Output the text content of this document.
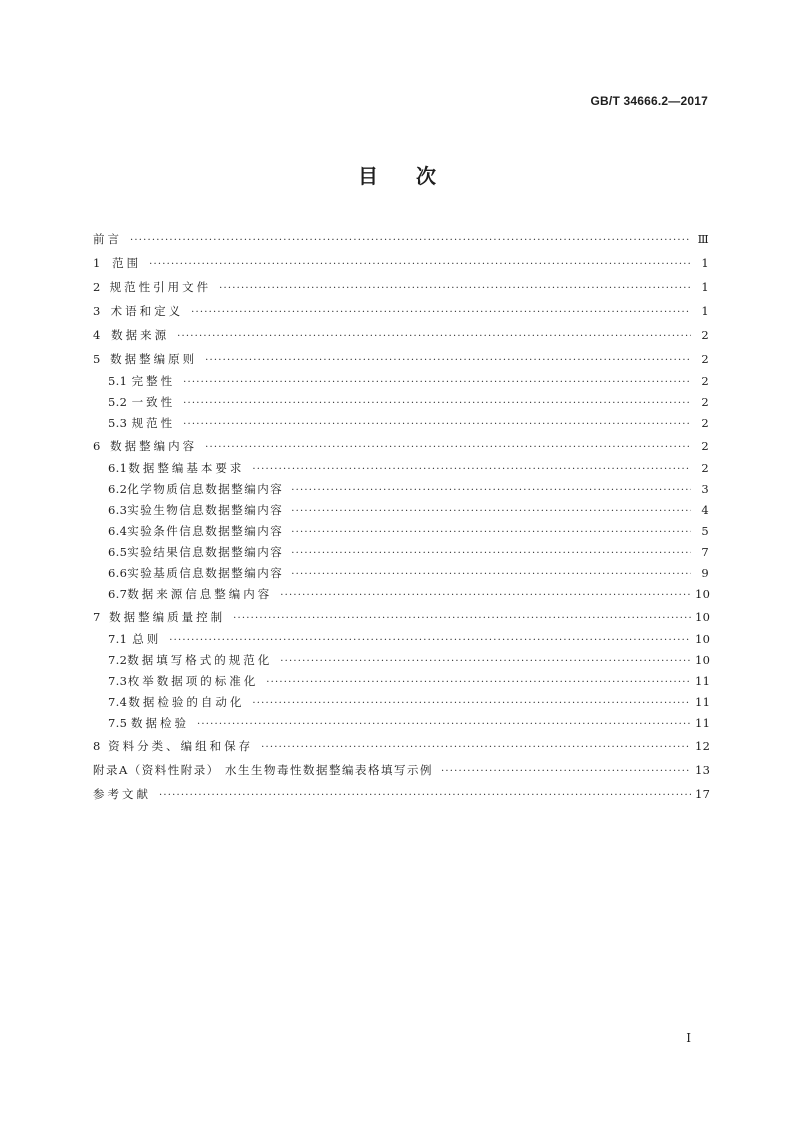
GB/T 34666.2—2017
目 次
前言 ·····	Ⅲ
1 范围 ·····	1
2 规范性引用文件 ·····	1
3 术语和定义 ·····	1
4 数据来源 ·····	2
5 数据整编原则 ·····	2
5.1 完整性 ·····	2
5.2 一致性 ·····	2
5.3 规范性 ·····	2
6 数据整编内容 ·····	2
6.1 数据整编基本要求 ·····	2
6.2 化学物质信息数据整编内容 ·····	3
6.3 实验生物信息数据整编内容 ·····	4
6.4 实验条件信息数据整编内容 ·····	5
6.5 实验结果信息数据整编内容 ·····	7
6.6 实验基质信息数据整编内容 ·····	9
6.7 数据来源信息整编内容 ·····	10
7 数据整编质量控制 ·····	10
7.1 总则 ·····	10
7.2 数据填写格式的规范化 ·····	10
7.3 枚举数据项的标准化 ·····	11
7.4 数据检验的自动化 ·····	11
7.5 数据检验 ·····	11
8 资料分类、编组和保存 ·····	12
附录A（资料性附录） 水生生物毒性数据整编表格填写示例 ·····	13
参考文献 ·····	17
I
